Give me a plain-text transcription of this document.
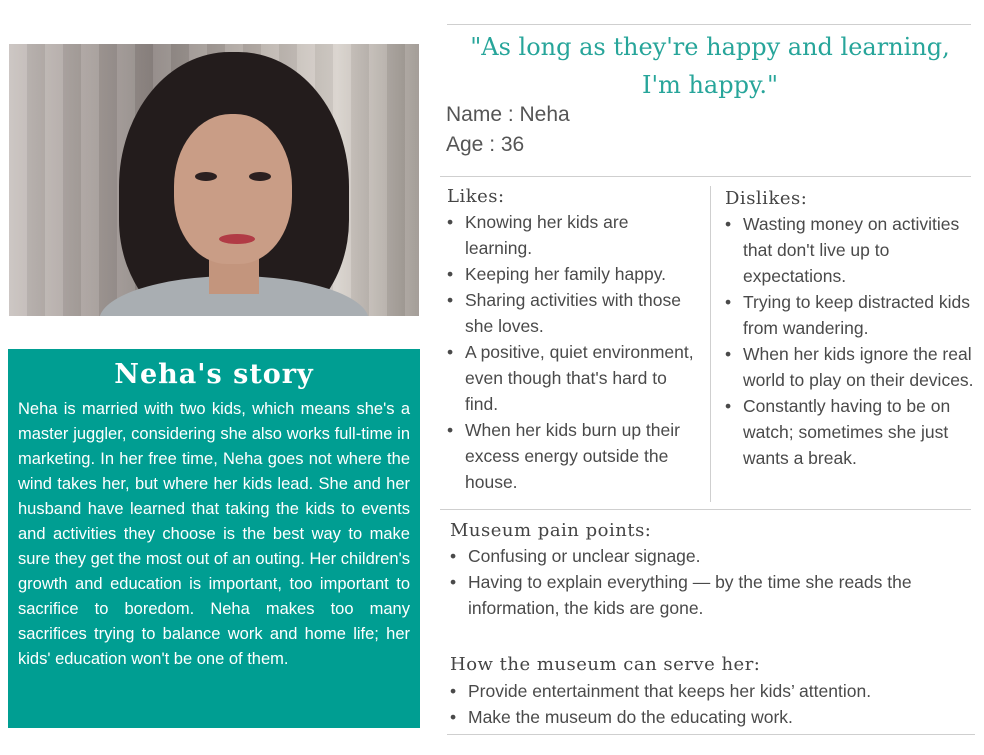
Neha's story

Neha is married with two kids, which means she's a master juggler, considering she also works full-time in marketing. In her free time, Neha goes not where the wind takes her, but where her kids lead. She and her husband have learned that taking the kids to events and activities they choose is the best way to make sure they get the most out of an outing. Her children's growth and education is important, too important to sacrifice to boredom. Neha makes too many sacrifices trying to balance work and home life; her kids' education won't be one of them.

"As long as they're happy and learning,
I'm happy."
Name : Neha
Age : 36
Likes:
• Knowing her kids are learning.
• Keeping her family happy.
• Sharing activities with those she loves.
• A positive, quiet environment, even though that's hard to find.
• When her kids burn up their excess energy outside the house.
Dislikes:
• Wasting money on activities that don't live up to expectations.
• Trying to keep distracted kids from wandering.
• When her kids ignore the real world to play on their devices.
• Constantly having to be on watch; sometimes she just wants a break.
Museum pain points:
• Confusing or unclear signage.
• Having to explain everything — by the time she reads the information, the kids are gone.
How the museum can serve her:
• Provide entertainment that keeps her kids’ attention.
• Make the museum do the educating work.
